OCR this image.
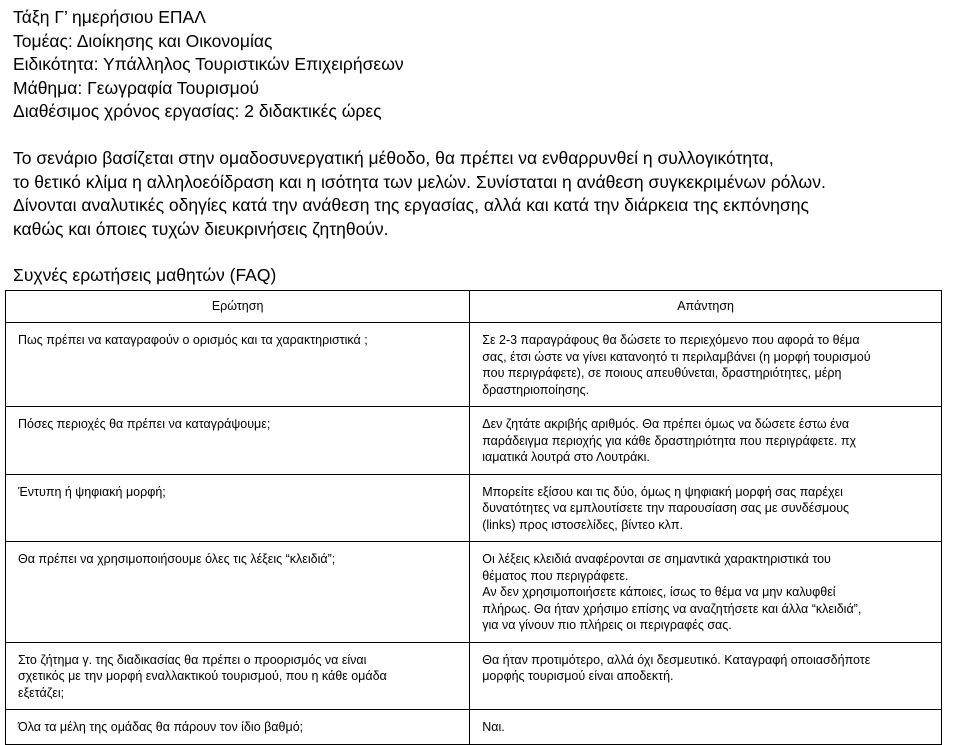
Τάξη Γ’ ημερήσιου ΕΠΑΛ
Τομέας: Διοίκησης και Οικονομίας
Ειδικότητα: Υπάλληλος Τουριστικών Επιχειρήσεων
Μάθημα: Γεωγραφία Τουρισμού
Διαθέσιμος χρόνος εργασίας: 2 διδακτικές ώρες
Το σενάριο βασίζεται στην ομαδοσυνεργατική μέθοδο, θα πρέπει να ενθαρρυνθεί η συλλογικότητα,
το θετικό κλίμα η αλληλοεόίδραση και η ισότητα των μελών. Συνίσταται η ανάθεση συγκεκριμένων ρόλων.
Δίνονται αναλυτικές οδηγίες κατά την ανάθεση της εργασίας, αλλά και κατά την διάρκεια της εκπόνησης
καθώς και όποιες τυχών διευκρινήσεις ζητηθούν.
Συχνές ερωτήσεις μαθητών (FAQ)
Ερώτηση	Απάντηση

Πως πρέπει να καταγραφούν ο ορισμός και τα χαρακτηριστικά ;	Σε 2-3 παραγράφους θα δώσετε το περιεχόμενο που αφορά το θέμα
σας, έτσι ώστε να γίνει κατανοητό τι περιλαμβάνει (η μορφή τουρισμού
που περιγράφετε), σε ποιους απευθύνεται, δραστηριότητες, μέρη
δραστηριοποίησης.

Πόσες περιοχές θα πρέπει να καταγράψουμε;	Δεν ζητάτε ακριβής αριθμός. Θα πρέπει όμως να δώσετε έστω ένα
παράδειγμα περιοχής για κάθε δραστηριότητα που περιγράφετε. πχ
ιαματικά λουτρά στο Λουτράκι.

Έντυπη ή ψηφιακή μορφή;	Μπορείτε εξίσου και τις δύο, όμως η ψηφιακή μορφή σας παρέχει
δυνατότητες να εμπλουτίσετε την παρουσίαση σας με συνδέσμους
(links) προς ιστοσελίδες, βίντεο κλπ.

Θα πρέπει να χρησιμοποιήσουμε όλες τις λέξεις “κλειδιά”;	Οι λέξεις κλειδιά αναφέρονται σε σημαντικά χαρακτηριστικά του
θέματος που περιγράφετε.
Αν δεν χρησιμοποιήσετε κάποιες, ίσως το θέμα να μην καλυφθεί
πλήρως. Θα ήταν χρήσιμο επίσης να αναζητήσετε και άλλα “κλειδιά”,
για να γίνουν πιο πλήρεις οι περιγραφές σας.

Στο ζήτημα γ. της διαδικασίας θα πρέπει ο προορισμός να είναι
σχετικός με την μορφή εναλλακτικού τουρισμού, που η κάθε ομάδα
εξετάζει;	Θα ήταν προτιμότερο, αλλά όχι δεσμευτικό. Καταγραφή οποιασδήποτε
μορφής τουρισμού είναι αποδεκτή.

Όλα τα μέλη της ομάδας θα πάρουν τον ίδιο βαθμό;	Ναι.
